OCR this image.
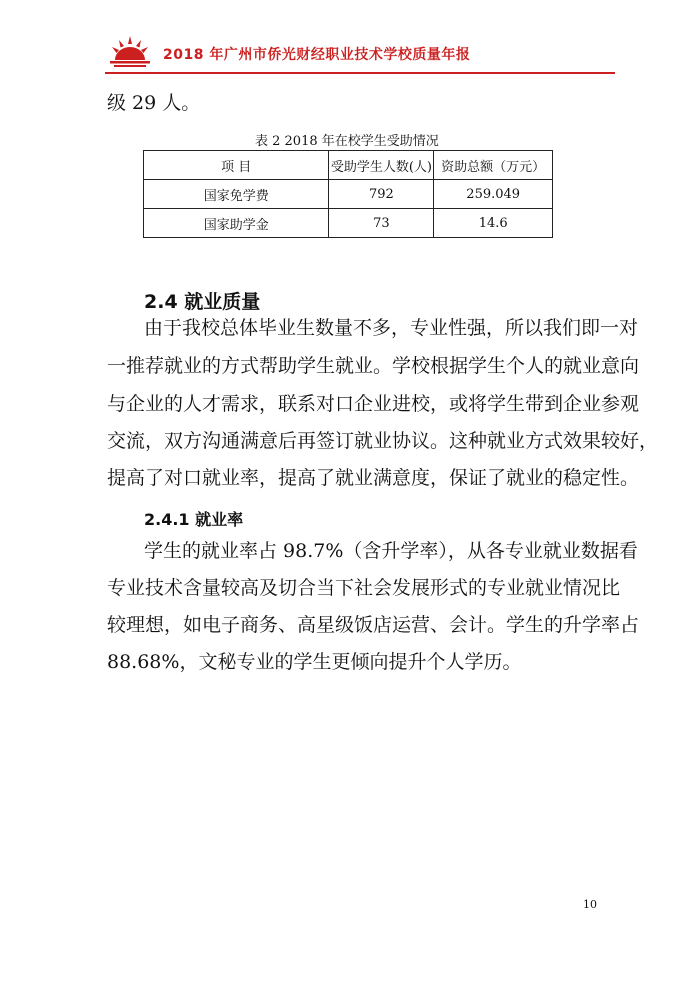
2018 年广州市侨光财经职业技术学校质量年报
级 29 人。
表 2 2018 年在校学生受助情况
项 目	受助学生人数(人)	资助总额（万元）
国家免学费	792	259.049
国家助学金	73	14.6
2.4 就业质量
由于我校总体毕业生数量不多，专业性强，所以我们即一对
一推荐就业的方式帮助学生就业。学校根据学生个人的就业意向
与企业的人才需求，联系对口企业进校，或将学生带到企业参观
交流，双方沟通满意后再签订就业协议。这种就业方式效果较好，
提高了对口就业率，提高了就业满意度，保证了就业的稳定性。
2.4.1 就业率
学生的就业率占 98.7%（含升学率），从各专业就业数据看
专业技术含量较高及切合当下社会发展形式的专业就业情况比
较理想，如电子商务、高星级饭店运营、会计。学生的升学率占
88.68%，文秘专业的学生更倾向提升个人学历。
10
